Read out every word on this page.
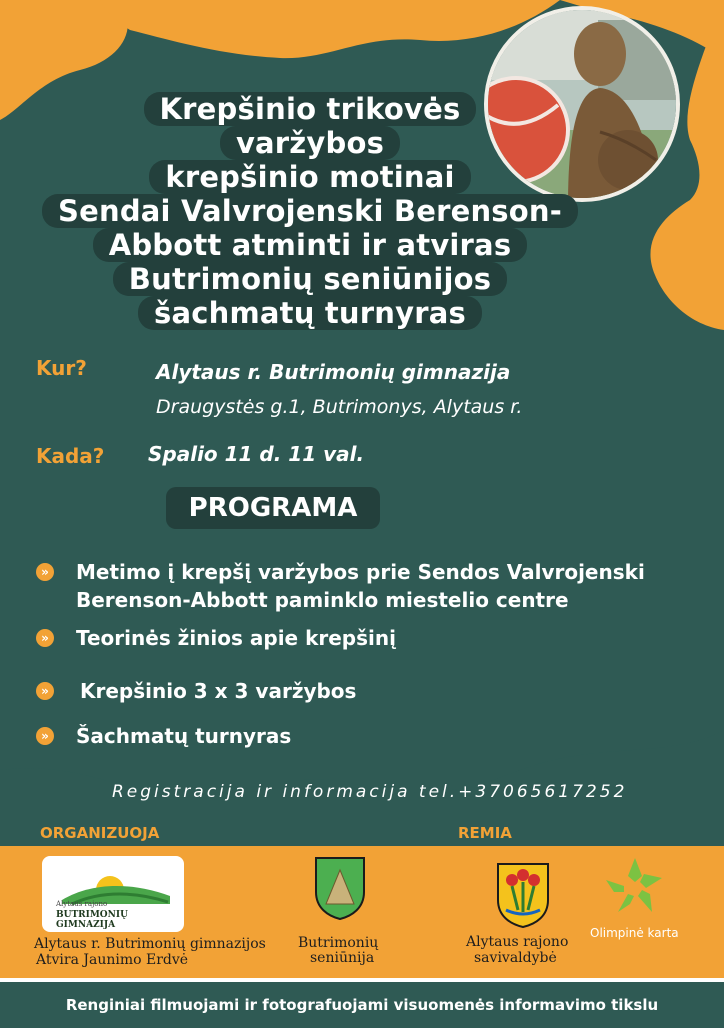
Krepšinio trikovės
varžybos
krepšinio motinai
Sendai Valvrojenski Berenson-
Abbott atminti ir atviras
Butrimonių seniūnijos
šachmatų turnyras
Kur?	Alytaus r. Butrimonių gimnazija
Draugystės g.1, Butrimonys, Alytaus r.
Kada? Spalio 11 d. 11 val.
PROGRAMA
» Metimo į krepšį varžybos prie Sendos Valvrojenski
Berenson-Abbott paminklo miestelio centre
» Teorinės žinios apie krepšinį
» Krepšinio 3 x 3 varžybos
» Šachmatų turnyras
Registracija ir informacija tel.+37065617252
ORGANIZUOJA	REMIA
Alytaus rajono
BUTRIMONIŲ GIMNAZIJA
Alytaus r. Butrimonių gimnazijos
Atvira Jaunimo Erdvė
Butrimonių
seniūnija
Alytaus rajono
savivaldybė
Olimpinė karta
Renginiai filmuojami ir fotografuojami visuomenės informavimo tikslu
